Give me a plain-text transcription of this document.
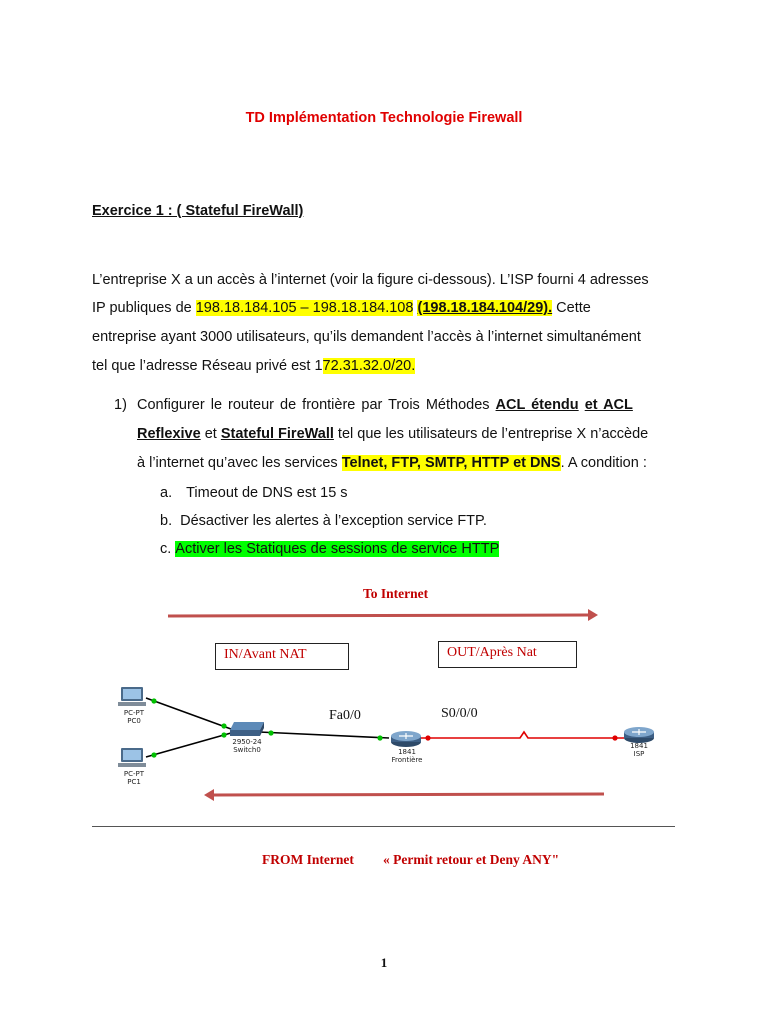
TD Implémentation Technologie Firewall
Exercice 1 : ( Stateful FireWall)
L’entreprise X a un accès à l’internet (voir la figure ci-dessous). L’ISP fourni 4 adresses
IP publiques de 198.18.184.105 – 198.18.184.108 (198.18.184.104/29). Cette
entreprise ayant 3000 utilisateurs, qu’ils demandent l’accès à l’internet simultanément
tel que l’adresse Réseau privé est 172.31.32.0/20.
1) Configurer le routeur de frontière par Trois Méthodes ACL étendu et ACL
Reflexive et Stateful FireWall tel que les utilisateurs de l’entreprise X n’accède
à l’internet qu’avec les services Telnet, FTP, SMTP, HTTP et DNS. A condition :
a. Timeout de DNS est 15 s
b. Désactiver les alertes à l’exception service FTP.
c. Activer les Statiques de sessions de service HTTP
To Internet
IN/Avant NAT	OUT/Après Nat
PC-PT
PC0
PC-PT
PC1
2950-24
Switch0
Fa0/0	S0/0/0
1841
Frontière
1841
ISP
FROM Internet « Permit retour et Deny ANY"
1
